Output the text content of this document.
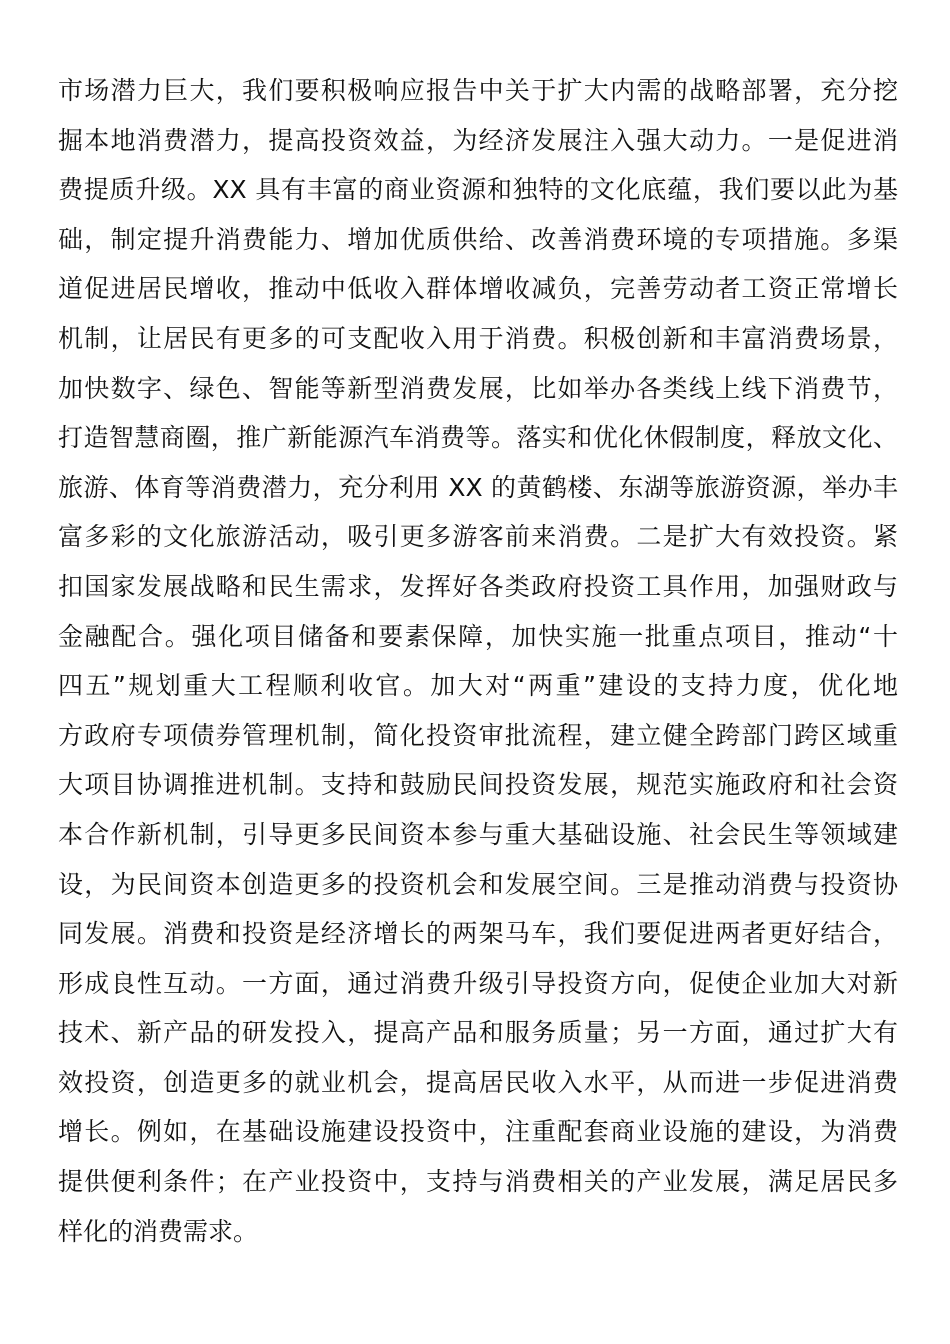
市场潜力巨大，我们要积极响应报告中关于扩大内需的战略部署，充分挖
掘本地消费潜力，提高投资效益，为经济发展注入强大动力。一是促进消
费提质升级。XX 具有丰富的商业资源和独特的文化底蕴，我们要以此为基
础，制定提升消费能力、增加优质供给、改善消费环境的专项措施。多渠
道促进居民增收，推动中低收入群体增收减负，完善劳动者工资正常增长
机制，让居民有更多的可支配收入用于消费。积极创新和丰富消费场景，
加快数字、绿色、智能等新型消费发展，比如举办各类线上线下消费节，
打造智慧商圈，推广新能源汽车消费等。落实和优化休假制度，释放文化、
旅游、体育等消费潜力，充分利用 XX 的黄鹤楼、东湖等旅游资源，举办丰
富多彩的文化旅游活动，吸引更多游客前来消费。二是扩大有效投资。紧
扣国家发展战略和民生需求，发挥好各类政府投资工具作用，加强财政与
金融配合。强化项目储备和要素保障，加快实施一批重点项目，推动“十
四五”规划重大工程顺利收官。加大对“两重”建设的支持力度，优化地
方政府专项债券管理机制，简化投资审批流程，建立健全跨部门跨区域重
大项目协调推进机制。支持和鼓励民间投资发展，规范实施政府和社会资
本合作新机制，引导更多民间资本参与重大基础设施、社会民生等领域建
设，为民间资本创造更多的投资机会和发展空间。三是推动消费与投资协
同发展。消费和投资是经济增长的两架马车，我们要促进两者更好结合，
形成良性互动。一方面，通过消费升级引导投资方向，促使企业加大对新
技术、新产品的研发投入，提高产品和服务质量；另一方面，通过扩大有
效投资，创造更多的就业机会，提高居民收入水平，从而进一步促进消费
增长。例如，在基础设施建设投资中，注重配套商业设施的建设，为消费
提供便利条件；在产业投资中，支持与消费相关的产业发展，满足居民多
样化的消费需求。
